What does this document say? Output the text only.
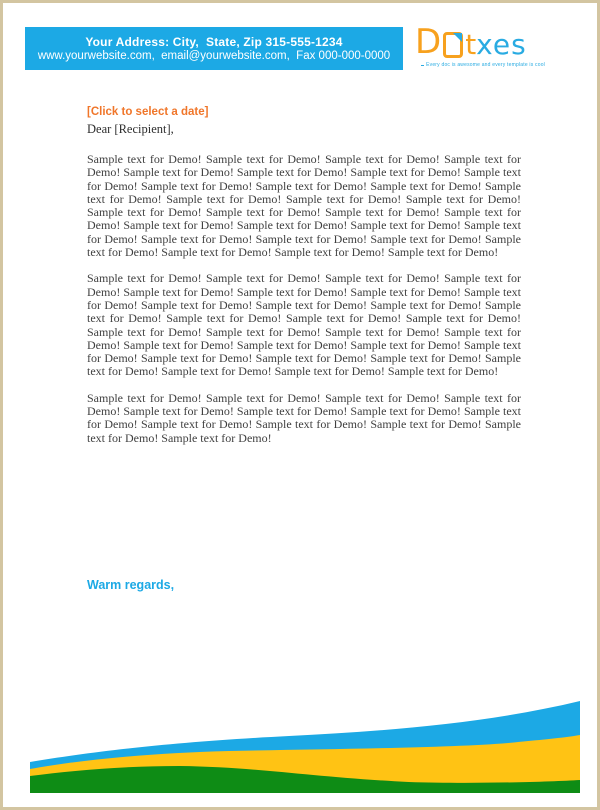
Your Address: City,  State, Zip 315-555-1234
www.yourwebsite.com,  email@yourwebsite.com,  Fax 000-000-0000 D t xes
Every doc is awesome and every template is cool
[Click to select a date]
Dear [Recipient],

Sample text for Demo! Sample text for Demo! Sample text for Demo! Sample text for Demo! Sample text for Demo! Sample text for Demo! Sample text for Demo! Sample text for Demo! Sample text for Demo! Sample text for Demo! Sample text for Demo! Sample text for Demo! Sample text for Demo! Sample text for Demo! Sample text for Demo! Sample text for Demo! Sample text for Demo! Sample text for Demo! Sample text for Demo! Sample text for Demo! Sample text for Demo! Sample text for Demo! Sample text for Demo! Sample text for Demo! Sample text for Demo! Sample text for Demo! Sample text for Demo! Sample text for Demo! Sample text for Demo! Sample text for Demo!

Sample text for Demo! Sample text for Demo! Sample text for Demo! Sample text for Demo! Sample text for Demo! Sample text for Demo! Sample text for Demo! Sample text for Demo! Sample text for Demo! Sample text for Demo! Sample text for Demo! Sample text for Demo! Sample text for Demo! Sample text for Demo! Sample text for Demo! Sample text for Demo! Sample text for Demo! Sample text for Demo! Sample text for Demo! Sample text for Demo! Sample text for Demo! Sample text for Demo! Sample text for Demo! Sample text for Demo! Sample text for Demo! Sample text for Demo! Sample text for Demo! Sample text for Demo! Sample text for Demo! Sample text for Demo!

Sample text for Demo! Sample text for Demo! Sample text for Demo! Sample text for Demo! Sample text for Demo! Sample text for Demo! Sample text for Demo! Sample text for Demo! Sample text for Demo! Sample text for Demo! Sample text for Demo! Sample text for Demo! Sample text for Demo!

Warm regards,
